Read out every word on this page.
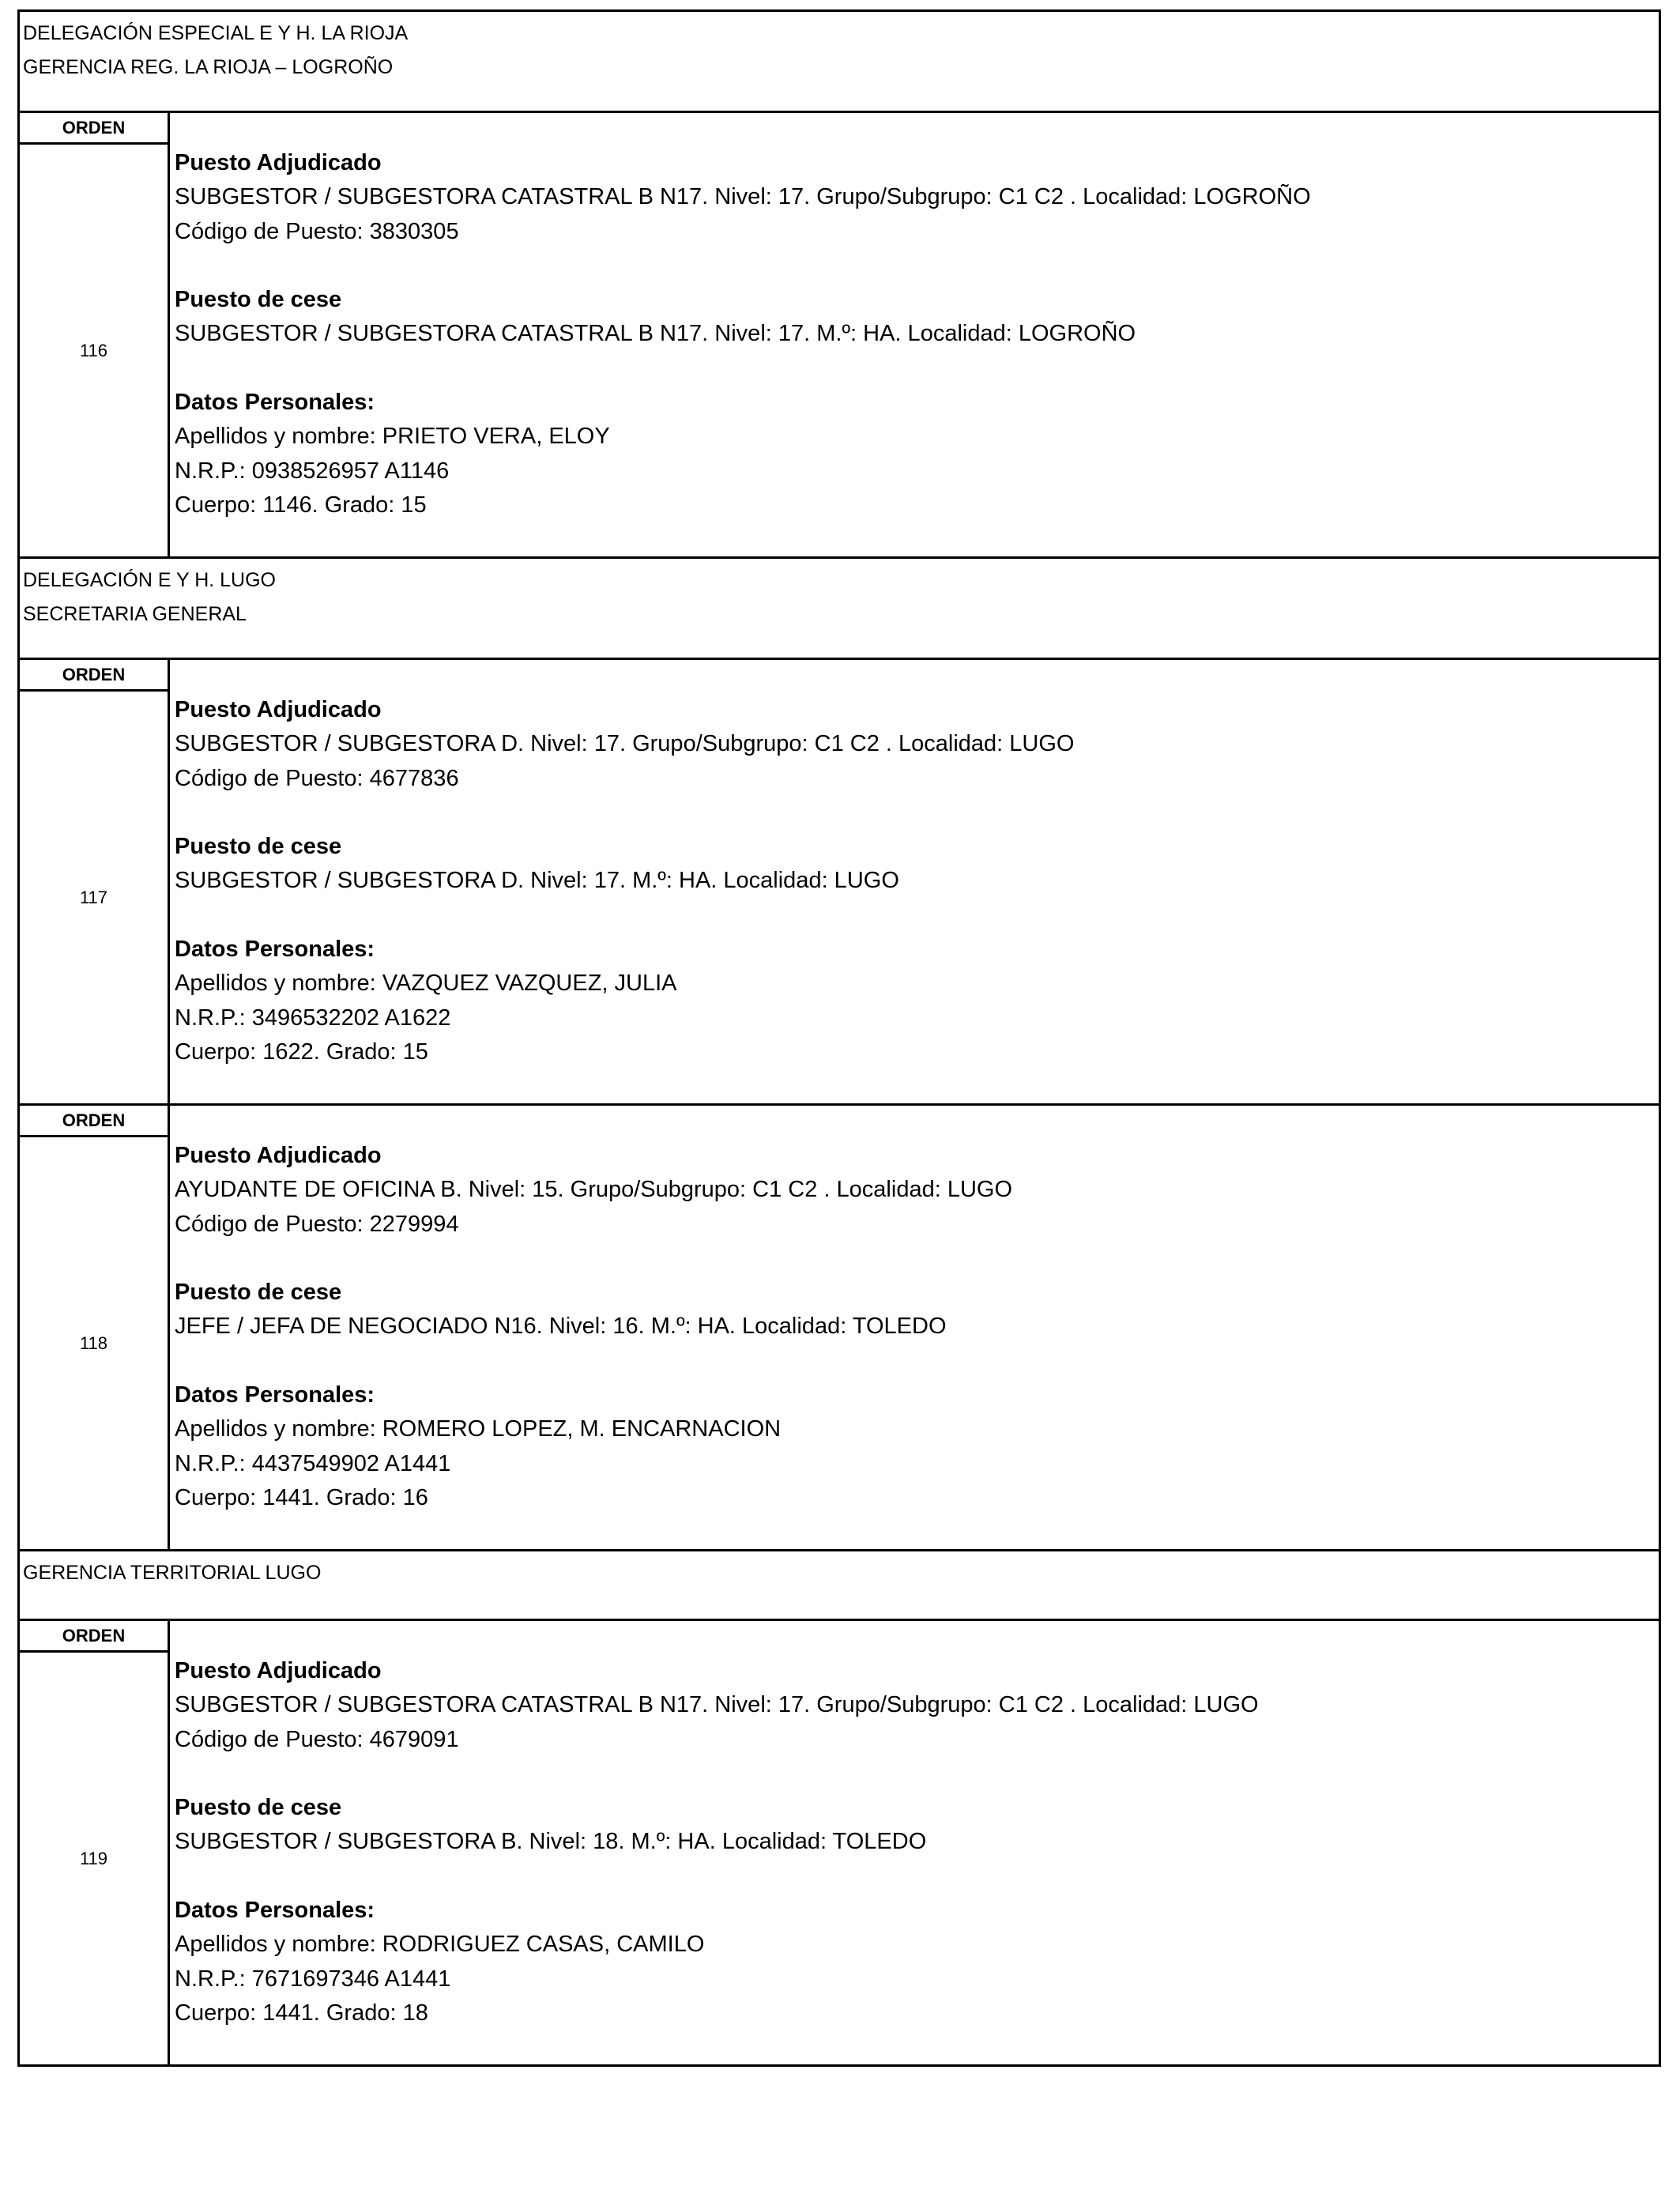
DELEGACIÓN ESPECIAL E Y H. LA RIOJA
GERENCIA REG. LA RIOJA – LOGROÑO
ORDEN
116
Puesto Adjudicado
SUBGESTOR / SUBGESTORA CATASTRAL B N17. Nivel: 17. Grupo/Subgrupo: C1 C2 . Localidad: LOGROÑO
Código de Puesto: 3830305
Puesto de cese
SUBGESTOR / SUBGESTORA CATASTRAL B N17. Nivel: 17. M.º: HA. Localidad: LOGROÑO
Datos Personales:
Apellidos y nombre: PRIETO VERA, ELOY
N.R.P.: 0938526957 A1146
Cuerpo: 1146. Grado: 15
DELEGACIÓN E Y H. LUGO
SECRETARIA GENERAL
ORDEN
117
Puesto Adjudicado
SUBGESTOR / SUBGESTORA D. Nivel: 17. Grupo/Subgrupo: C1 C2 . Localidad: LUGO
Código de Puesto: 4677836
Puesto de cese
SUBGESTOR / SUBGESTORA D. Nivel: 17. M.º: HA. Localidad: LUGO
Datos Personales:
Apellidos y nombre: VAZQUEZ VAZQUEZ, JULIA
N.R.P.: 3496532202 A1622
Cuerpo: 1622. Grado: 15
ORDEN
118
Puesto Adjudicado
AYUDANTE DE OFICINA B. Nivel: 15. Grupo/Subgrupo: C1 C2 . Localidad: LUGO
Código de Puesto: 2279994
Puesto de cese
JEFE / JEFA DE NEGOCIADO N16. Nivel: 16. M.º: HA. Localidad: TOLEDO
Datos Personales:
Apellidos y nombre: ROMERO LOPEZ, M. ENCARNACION
N.R.P.: 4437549902 A1441
Cuerpo: 1441. Grado: 16
GERENCIA TERRITORIAL LUGO
ORDEN
119
Puesto Adjudicado
SUBGESTOR / SUBGESTORA CATASTRAL B N17. Nivel: 17. Grupo/Subgrupo: C1 C2 . Localidad: LUGO
Código de Puesto: 4679091
Puesto de cese
SUBGESTOR / SUBGESTORA B. Nivel: 18. M.º: HA. Localidad: TOLEDO
Datos Personales:
Apellidos y nombre: RODRIGUEZ CASAS, CAMILO
N.R.P.: 7671697346 A1441
Cuerpo: 1441. Grado: 18
